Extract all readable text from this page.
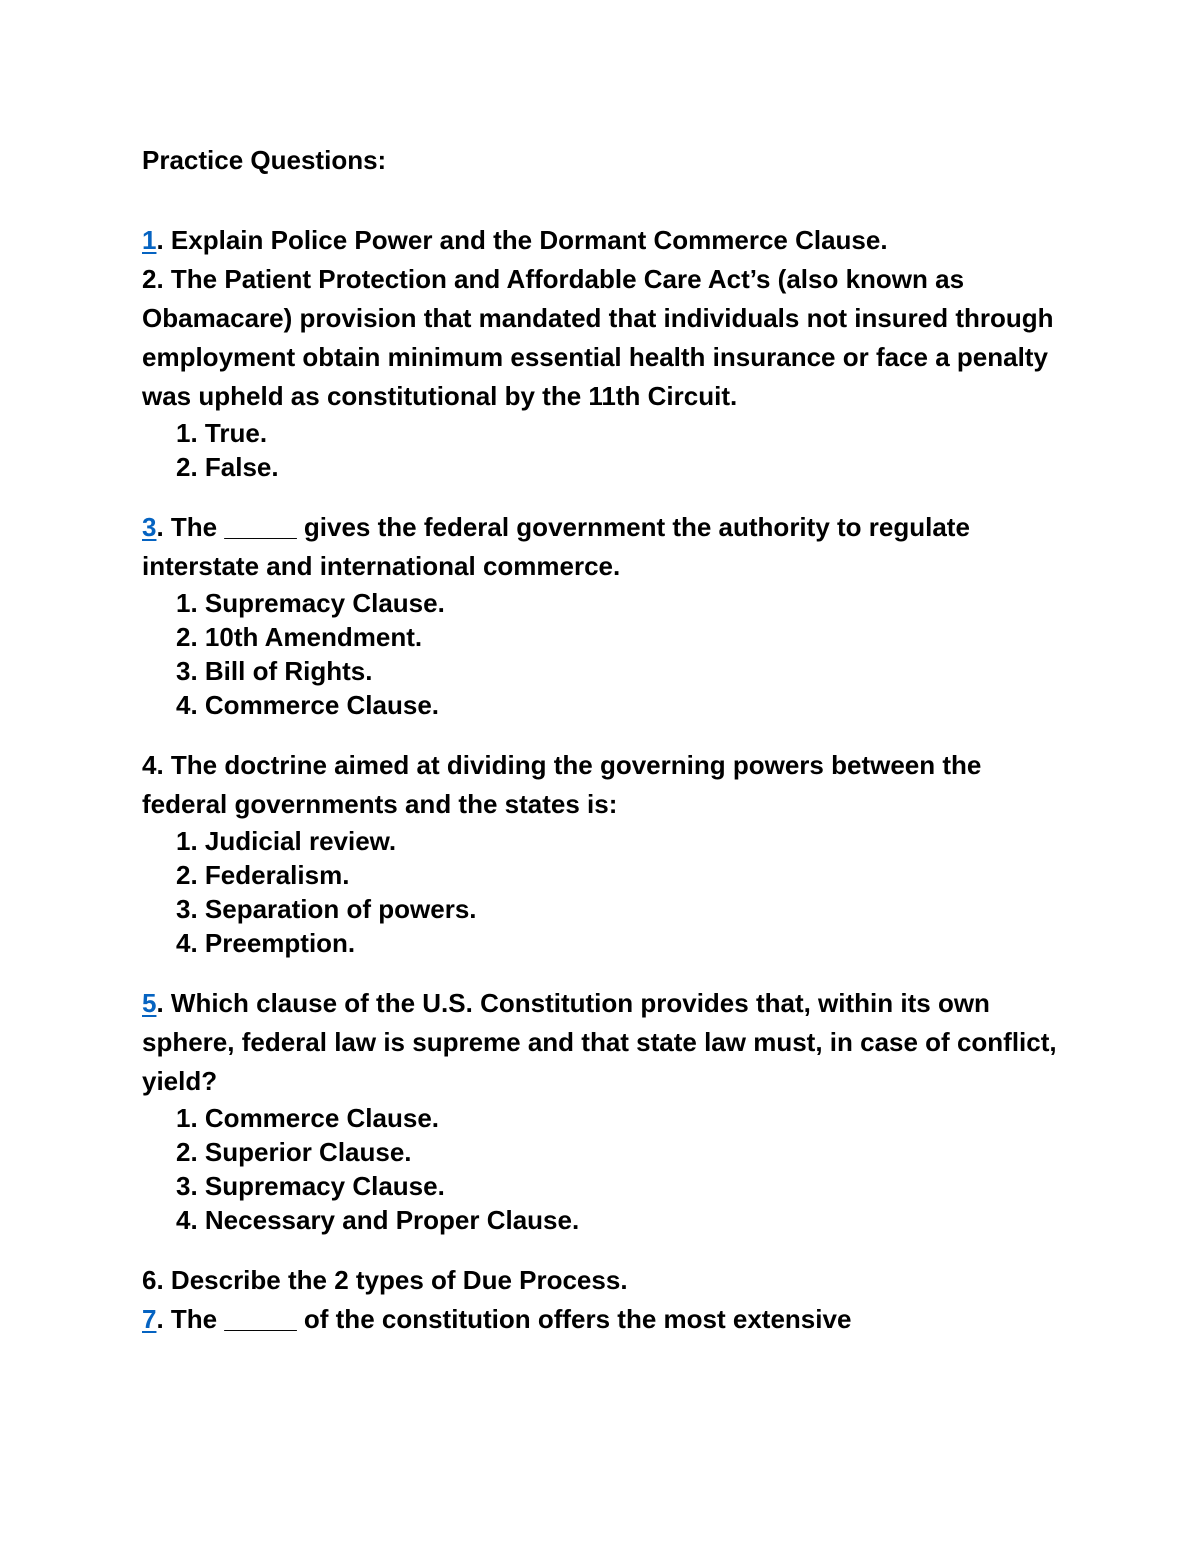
Practice Questions:

1. Explain Police Power and the Dormant Commerce Clause.

2. The Patient Protection and Affordable Care Act’s (also known as Obamacare) provision that mandated that individuals not insured through employment obtain minimum essential health insurance or face a penalty was upheld as constitutional by the 11th Circuit.

1. True.
2. False.

3. The _____ gives the federal government the authority to regulate interstate and international commerce.

1. Supremacy Clause.
2. 10th Amendment.
3. Bill of Rights.
4. Commerce Clause.

4. The doctrine aimed at dividing the governing powers between the federal governments and the states is:

1. Judicial review.
2. Federalism.
3. Separation of powers.
4. Preemption.

5. Which clause of the U.S. Constitution provides that, within its own sphere, federal law is supreme and that state law must, in case of conflict, yield?

1. Commerce Clause.
2. Superior Clause.
3. Supremacy Clause.
4. Necessary and Proper Clause.

6. Describe the 2 types of Due Process.

7. The _____ of the constitution offers the most extensive
